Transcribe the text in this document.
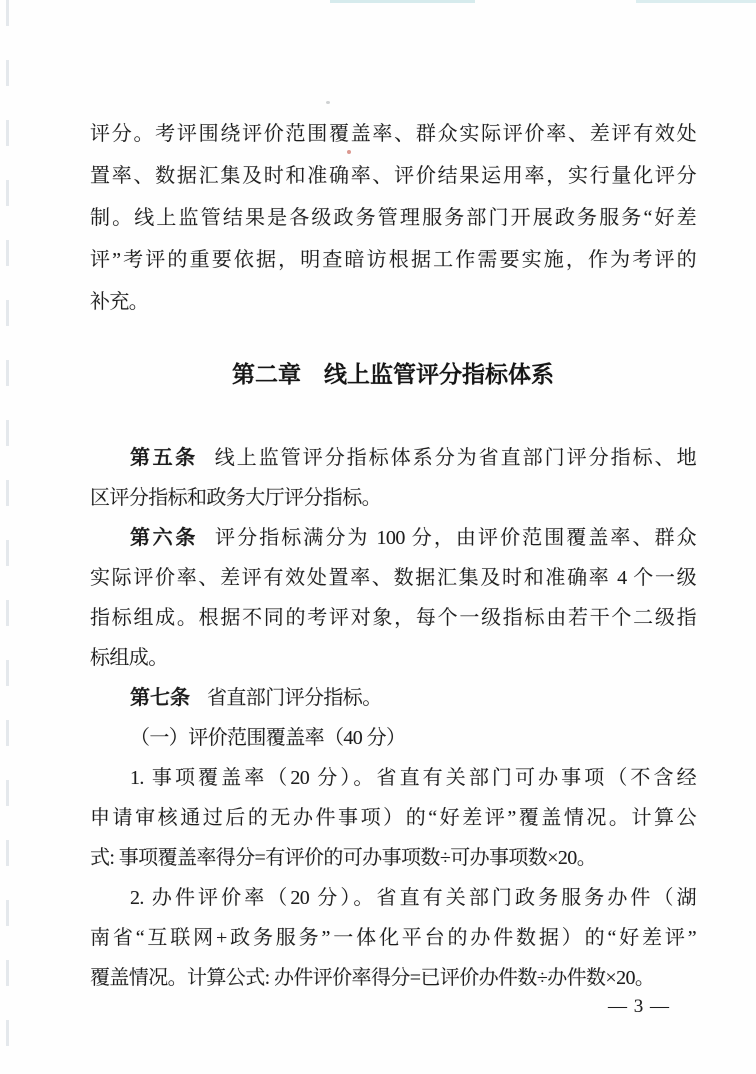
评分。考评围绕评价范围覆盖率、群众实际评价率、差评有效处
置率、数据汇集及时和准确率、评价结果运用率，实行量化评分
制。线上监管结果是各级政务管理服务部门开展政务服务“好差
评”考评的重要依据，明查暗访根据工作需要实施，作为考评的
补充。
第二章　线上监管评分指标体系
第五条 线上监管评分指标体系分为省直部门评分指标、地
区评分指标和政务大厅评分指标。
第六条 评分指标满分为 100 分，由评价范围覆盖率、群众
实际评价率、差评有效处置率、数据汇集及时和准确率 4 个一级
指标组成。根据不同的考评对象，每个一级指标由若干个二级指
标组成。
第七条 省直部门评分指标。
（一）评价范围覆盖率（40 分）
1. 事项覆盖率（20 分）。省直有关部门可办事项（不含经
申请审核通过后的无办件事项）的“好差评”覆盖情况。计算公
式: 事项覆盖率得分=有评价的可办事项数÷可办事项数×20。
2. 办件评价率（20 分）。省直有关部门政务服务办件（湖
南省“互联网+政务服务”一体化平台的办件数据）的“好差评”
覆盖情况。计算公式: 办件评价率得分=已评价办件数÷办件数×20。
— 3 —
